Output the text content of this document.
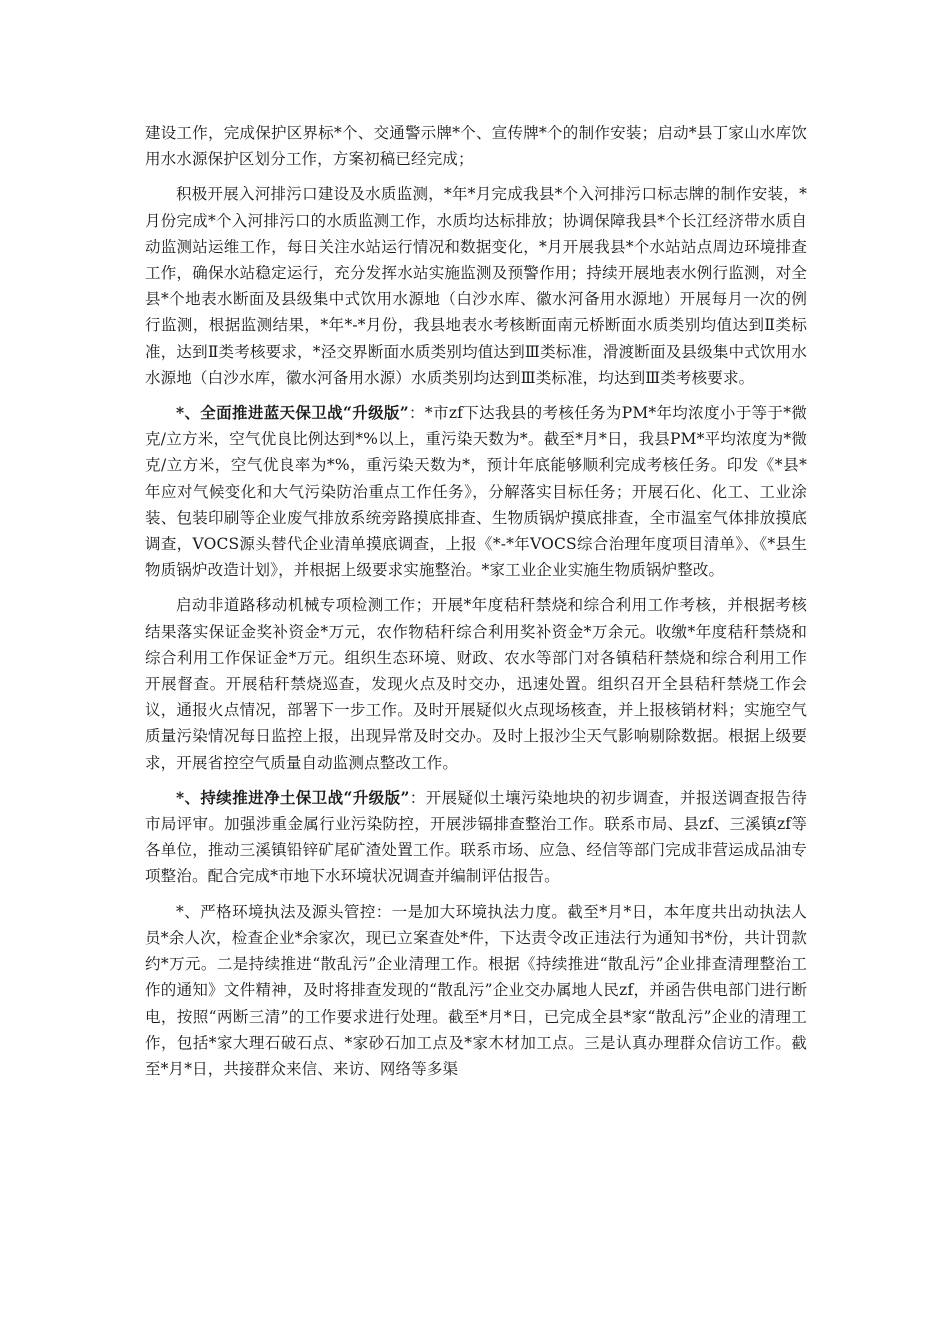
建设工作，完成保护区界标*个、交通警示牌*个、宣传牌*个的制作安装；启动*县丁家山水库饮用水水源保护区划分工作，方案初稿已经完成；

积极开展入河排污口建设及水质监测，*年*月完成我县*个入河排污口标志牌的制作安装，*月份完成*个入河排污口的水质监测工作，水质均达标排放；协调保障我县*个长江经济带水质自动监测站运维工作，每日关注水站运行情况和数据变化，*月开展我县*个水站站点周边环境排查工作，确保水站稳定运行，充分发挥水站实施监测及预警作用；持续开展地表水例行监测，对全县*个地表水断面及县级集中式饮用水源地（白沙水库、徽水河备用水源地）开展每月一次的例行监测，根据监测结果，*年*-*月份，我县地表水考核断面南元桥断面水质类别均值达到Ⅱ类标准，达到Ⅱ类考核要求，*泾交界断面水质类别均值达到Ⅲ类标准，滑渡断面及县级集中式饮用水水源地（白沙水库，徽水河备用水源）水质类别均达到Ⅲ类标准，均达到Ⅲ类考核要求。

*、全面推进蓝天保卫战“升级版”：*市zf下达我县的考核任务为PM*年均浓度小于等于*微克/立方米，空气优良比例达到*%以上，重污染天数为*。截至*月*日，我县PM*平均浓度为*微克/立方米，空气优良率为*%，重污染天数为*，预计年底能够顺利完成考核任务。印发《*县*年应对气候变化和大气污染防治重点工作任务》，分解落实目标任务；开展石化、化工、工业涂装、包装印刷等企业废气排放系统旁路摸底排查、生物质锅炉摸底排查，全市温室气体排放摸底调查，VOCS源头替代企业清单摸底调查，上报《*-*年VOCS综合治理年度项目清单》、《*县生物质锅炉改造计划》，并根据上级要求实施整治。*家工业企业实施生物质锅炉整改。

启动非道路移动机械专项检测工作；开展*年度秸秆禁烧和综合利用工作考核，并根据考核结果落实保证金奖补资金*万元，农作物秸秆综合利用奖补资金*万余元。收缴*年度秸秆禁烧和综合利用工作保证金*万元。组织生态环境、财政、农水等部门对各镇秸秆禁烧和综合利用工作开展督查。开展秸秆禁烧巡查，发现火点及时交办，迅速处置。组织召开全县秸秆禁烧工作会议，通报火点情况，部署下一步工作。及时开展疑似火点现场核查，并上报核销材料；实施空气质量污染情况每日监控上报，出现异常及时交办。及时上报沙尘天气影响剔除数据。根据上级要求，开展省控空气质量自动监测点整改工作。

*、持续推进净土保卫战“升级版”：开展疑似土壤污染地块的初步调查，并报送调查报告待市局评审。加强涉重金属行业污染防控，开展涉镉排查整治工作。联系市局、县zf、三溪镇zf等各单位，推动三溪镇铅锌矿尾矿渣处置工作。联系市场、应急、经信等部门完成非营运成品油专项整治。配合完成*市地下水环境状况调查并编制评估报告。

*、严格环境执法及源头管控：一是加大环境执法力度。截至*月*日，本年度共出动执法人员*余人次，检查企业*余家次，现已立案查处*件，下达责令改正违法行为通知书*份，共计罚款约*万元。二是持续推进“散乱污”企业清理工作。根据《持续推进“散乱污”企业排查清理整治工作的通知》文件精神，及时将排查发现的“散乱污”企业交办属地人民zf，并函告供电部门进行断电，按照“两断三清”的工作要求进行处理。截至*月*日，已完成全县*家“散乱污”企业的清理工作，包括*家大理石破石点、*家砂石加工点及*家木材加工点。三是认真办理群众信访工作。截至*月*日，共接群众来信、来访、网络等多渠
